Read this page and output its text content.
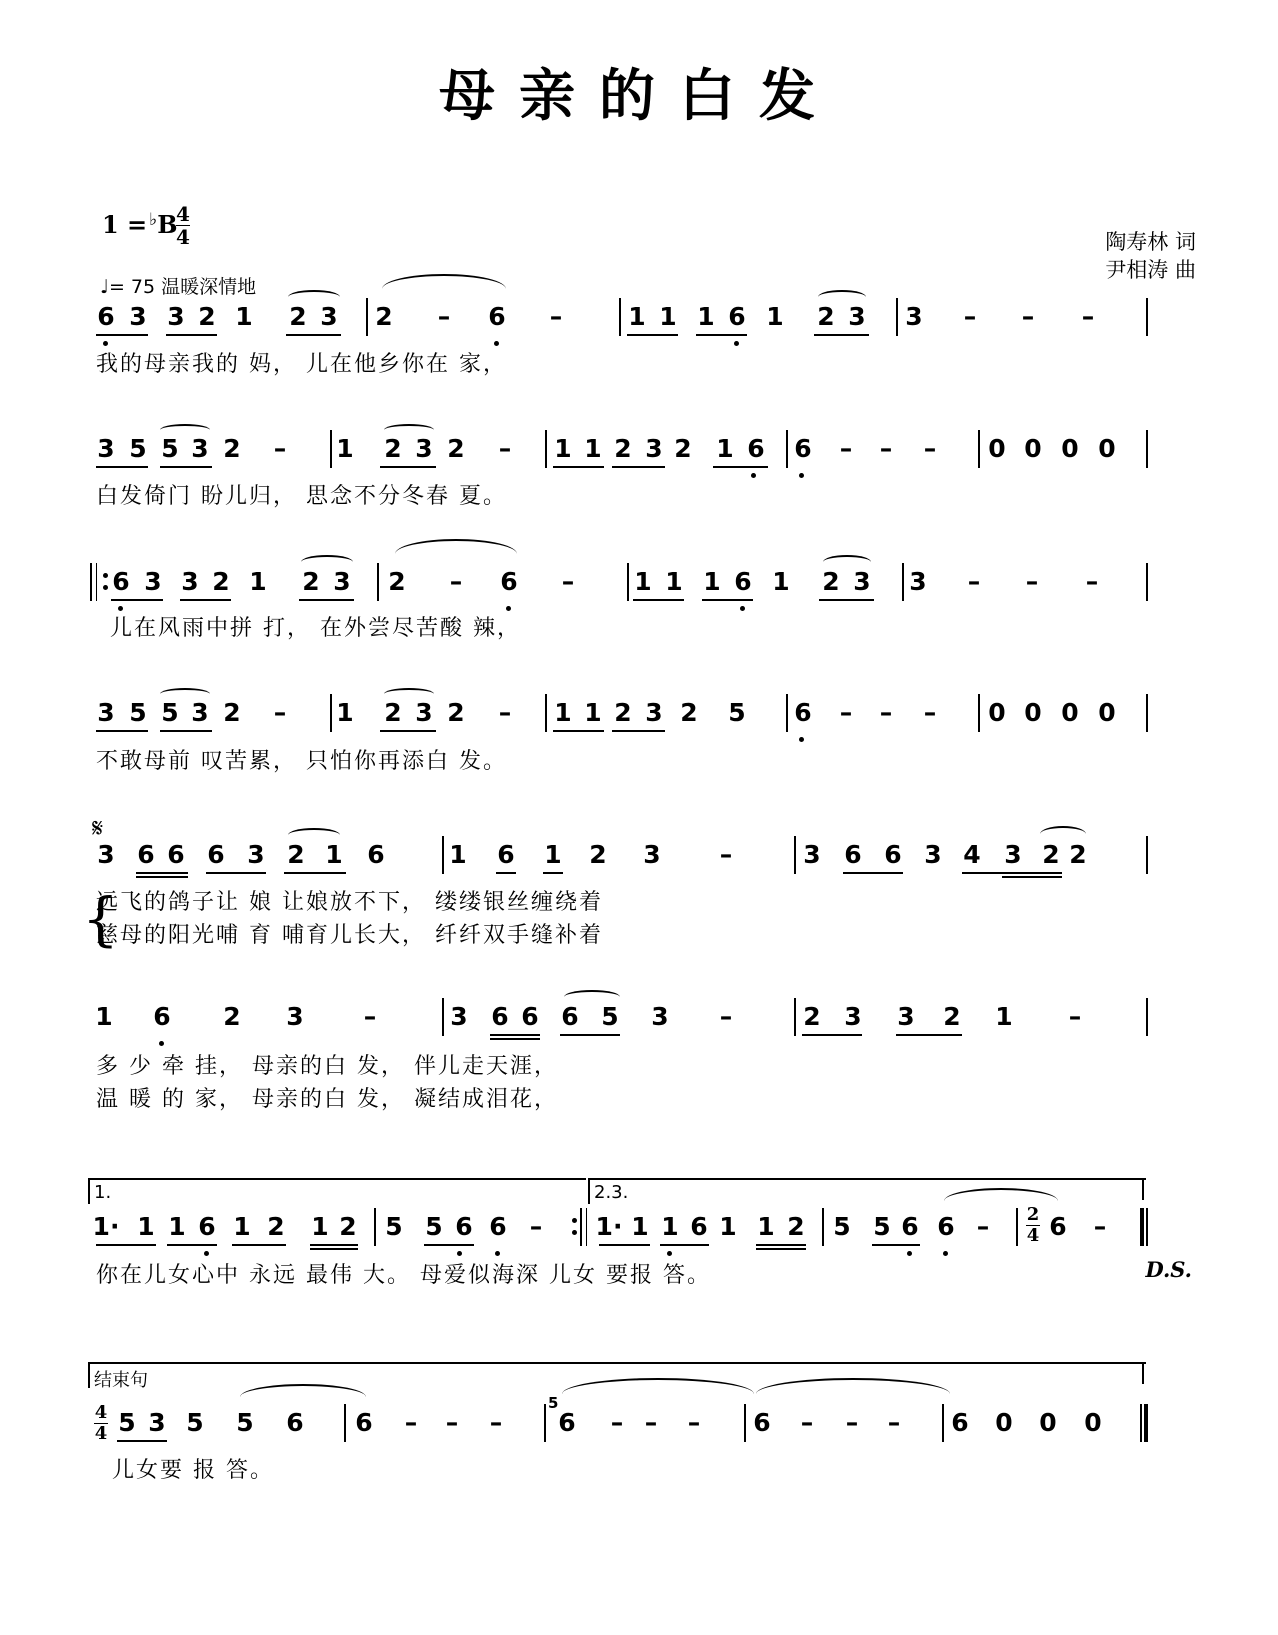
母亲的白发
1 = ♭B
4
4
♩= 75 温暖深情地
陶寿林 词
尹相涛 曲
𝄋
{
1.	2.3.
D.S.
结束句
6 3 3 2 1 2 3 2 – 6 –	1 1 1 6 1 2 3 3 – – –
我的母亲我的 妈， 儿在他乡你在 家，
3 5 5 3 2 – 1 2 3 2 – 1 1 2 3 2 1 6 6 – – – 0 0 0 0
白发倚门 盼儿归， 思念不分冬春 夏。
6 3 3 2 1 2 3 2 – 6 – 1 1 1 6 1 2 3 3 – – –
儿在风雨中拼 打， 在外尝尽苦酸 辣，
3 5 5 3 2 – 1 2 3 2 – 1 1 2 3 2 5 6 – – – 0 0 0 0
不敢母前 叹苦累， 只怕你再添白 发。
3 6 6 6 3 2 1 6	1 6 1 2 3 –	3 6 6 3 4 3 2 2
远飞的鸽子让 娘 让娘放不下， 缕缕银丝缠绕着
慈母的阳光哺 育 哺育儿长大， 纤纤双手缝补着
1 6 2 3 –	3 6 6 6 5 3 –	2 3 3 2 1 –
多 少 牵 挂， 母亲的白 发， 伴儿走天涯，
温 暖 的 家， 母亲的白 发， 凝结成泪花，
1· 1 1 6 1 2 1 2 5 5 6 6 – 1· 1 1 6 1 1 2 5 5 6 6 – 6 –
你在儿女心中 永远 最伟 大。 母爱似海深 儿女 要报 答。
5 3 5 5 6 6 – – – 6 – – – 6 – – – 6 0 0 0
儿女要 报 答。
2
4
4
4
5
